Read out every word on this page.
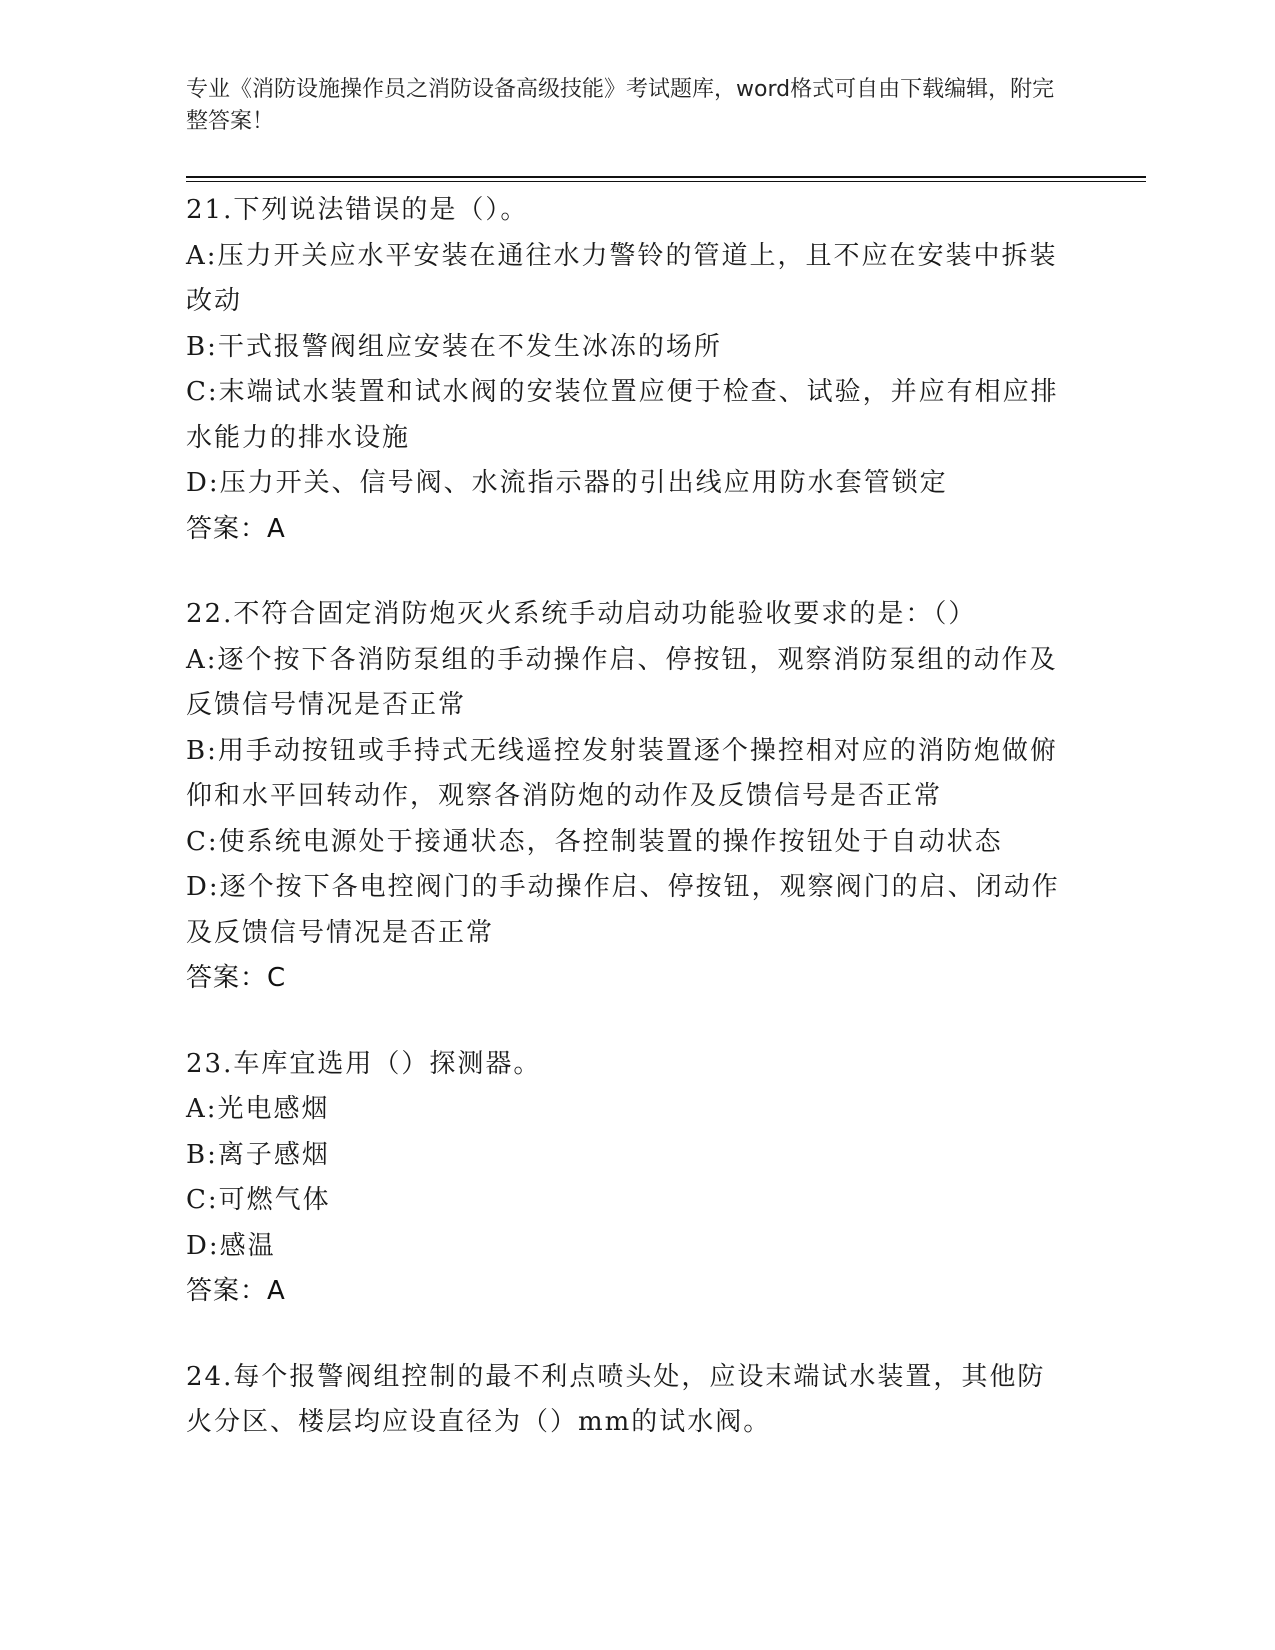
专业《消防设施操作员之消防设备高级技能》考试题库，word格式可自由下载编辑，附完整答案！
21.下列说法错误的是（）。
A:压力开关应水平安装在通往水力警铃的管道上，且不应在安装中拆装改动
B:干式报警阀组应安装在不发生冰冻的场所
C:末端试水装置和试水阀的安装位置应便于检查、试验，并应有相应排水能力的排水设施
D:压力开关、信号阀、水流指示器的引出线应用防水套管锁定
答案：A
22.不符合固定消防炮灭火系统手动启动功能验收要求的是：（）
A:逐个按下各消防泵组的手动操作启、停按钮，观察消防泵组的动作及反馈信号情况是否正常
B:用手动按钮或手持式无线遥控发射装置逐个操控相对应的消防炮做俯仰和水平回转动作，观察各消防炮的动作及反馈信号是否正常
C:使系统电源处于接通状态，各控制装置的操作按钮处于自动状态
D:逐个按下各电控阀门的手动操作启、停按钮，观察阀门的启、闭动作及反馈信号情况是否正常
答案：C
23.车库宜选用（）探测器。
A:光电感烟
B:离子感烟
C:可燃气体
D:感温
答案：A
24.每个报警阀组控制的最不利点喷头处，应设末端试水装置，其他防火分区、楼层均应设直径为（）mm的试水阀。
